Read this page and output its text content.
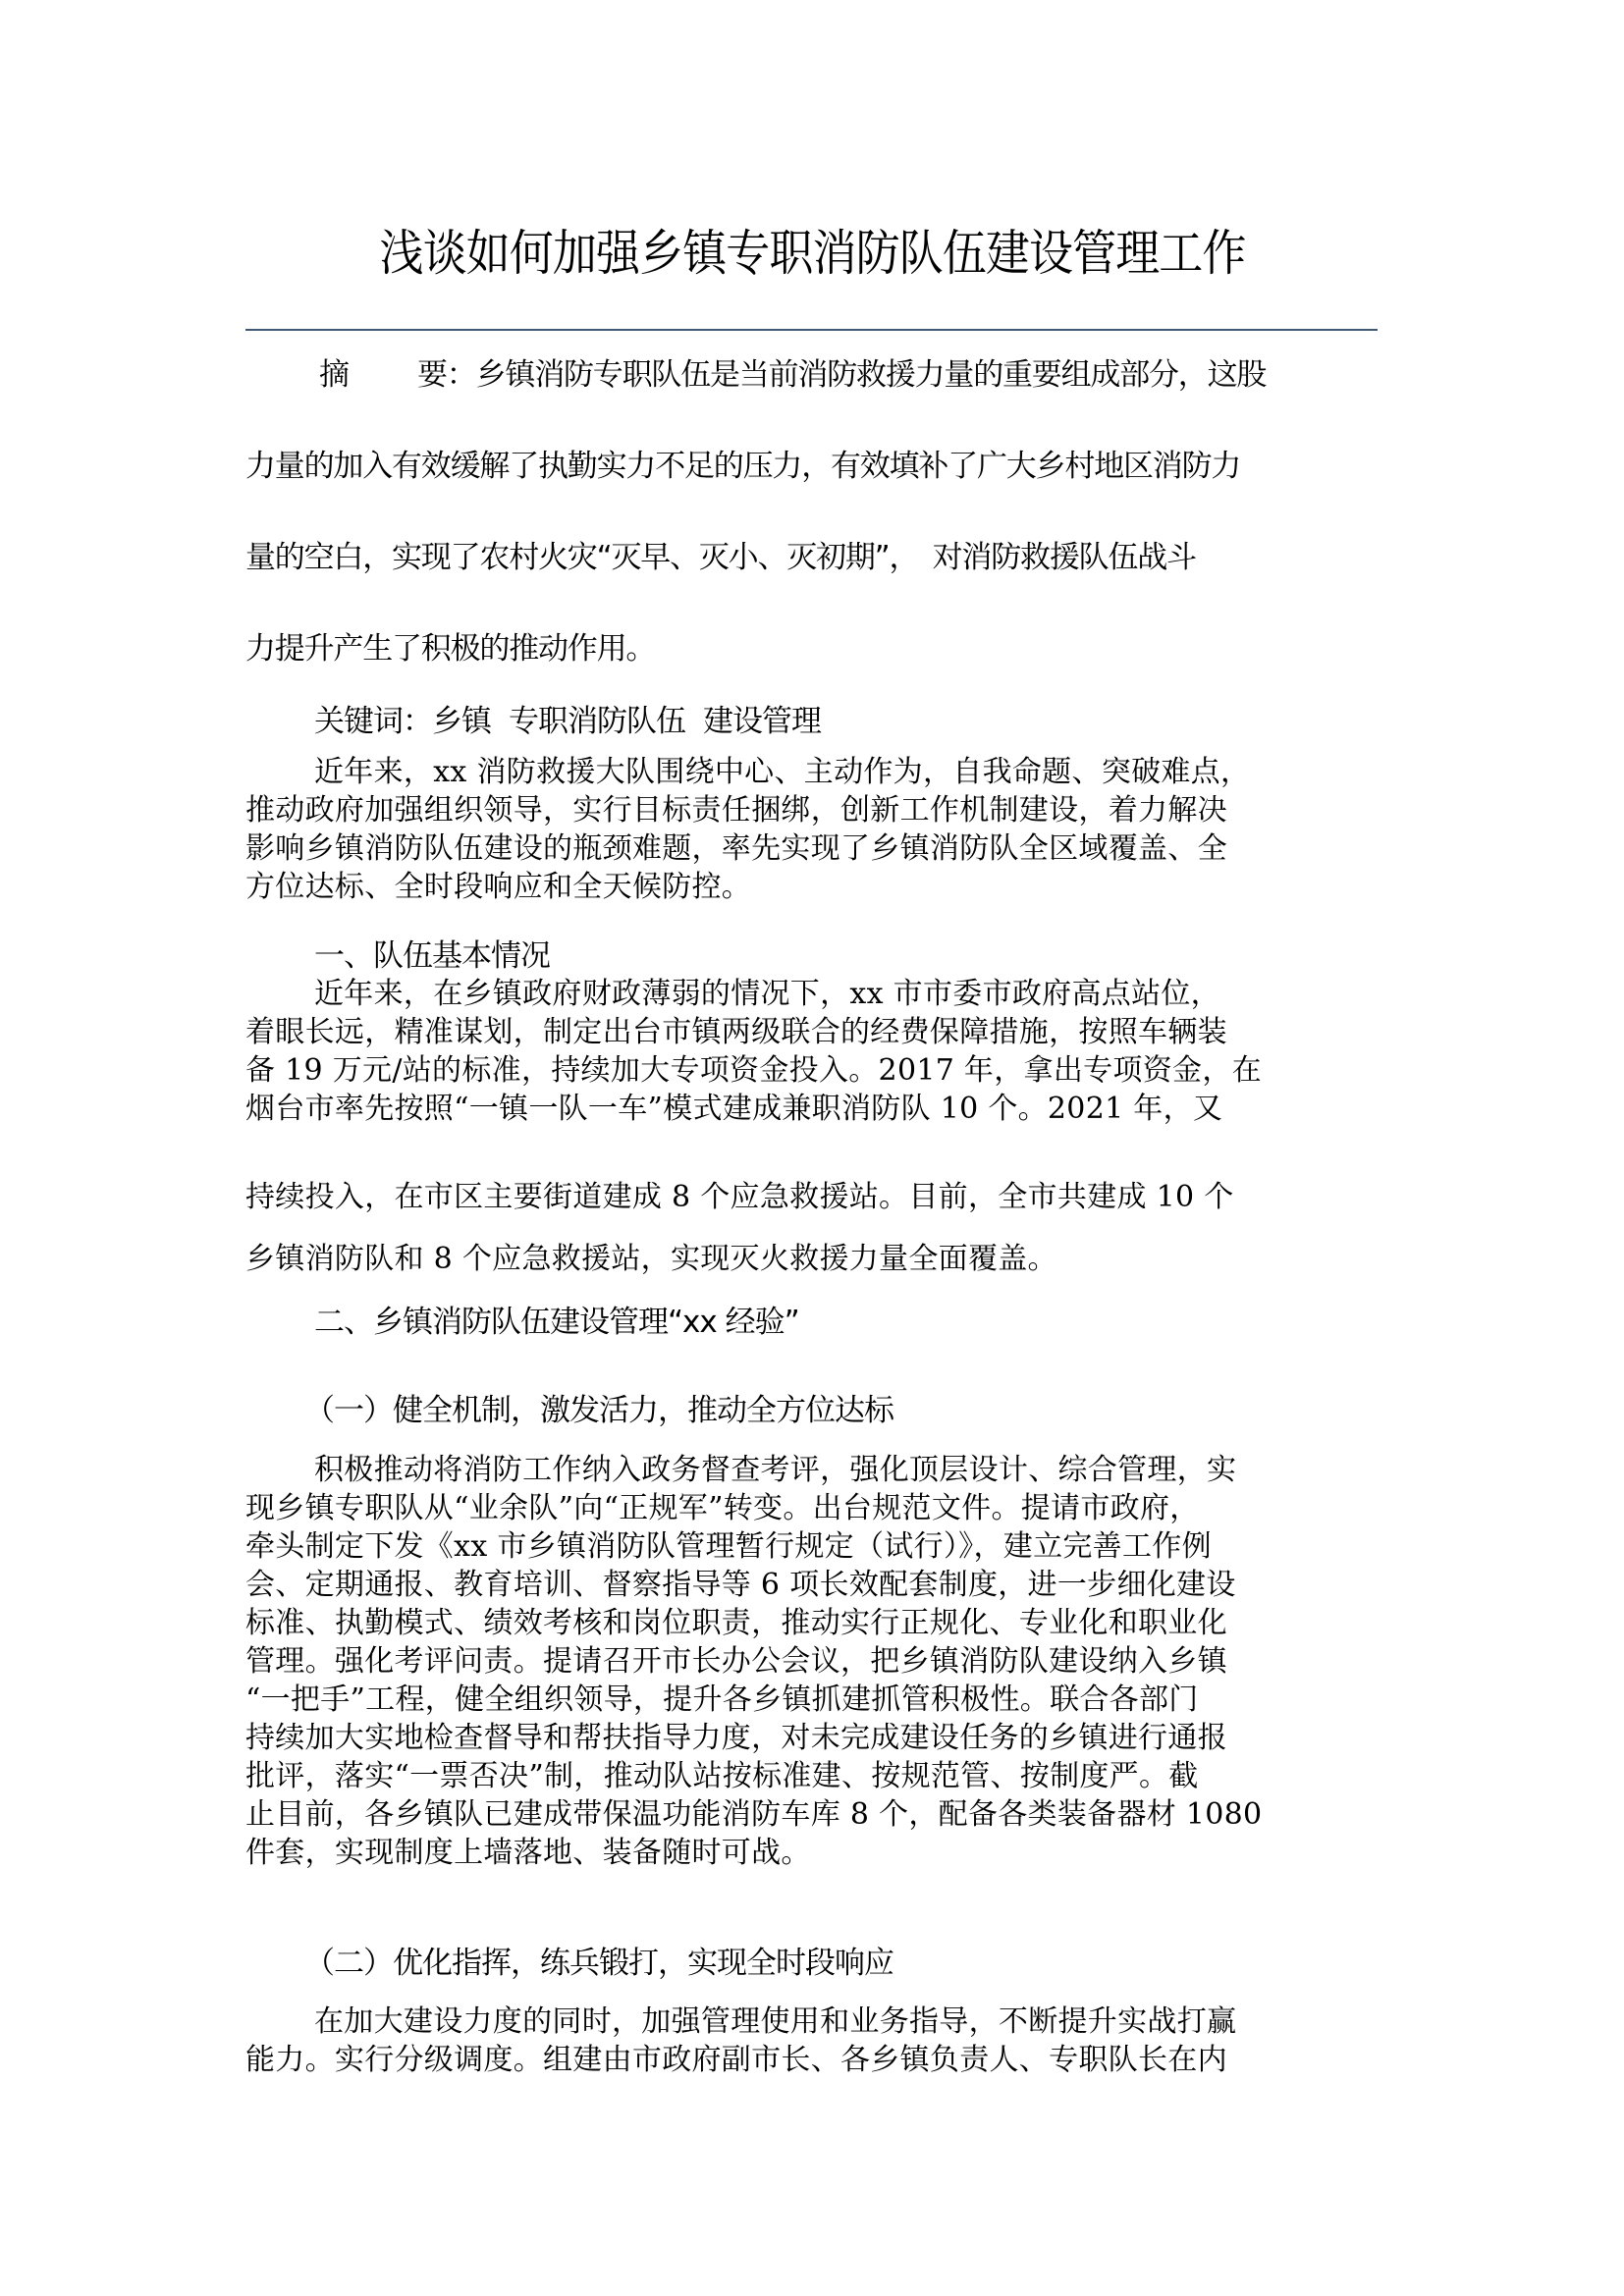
浅谈如何加强乡镇专职消防队伍建设管理工作
摘 要：乡镇消防专职队伍是当前消防救援力量的重要组成部分，这股
力量的加入有效缓解了执勤实力不足的压力，有效填补了广大乡村地区消防力
量的空白，实现了农村火灾“灭早、灭小、灭初期”，　对消防救援队伍战斗
力提升产生了积极的推动作用。
关键词：乡镇 专职消防队伍 建设管理
近年来，xx 消防救援大队围绕中心、主动作为，自我命题、突破难点，
推动政府加强组织领导，实行目标责任捆绑，创新工作机制建设，着力解决
影响乡镇消防队伍建设的瓶颈难题，率先实现了乡镇消防队全区域覆盖、全
方位达标、全时段响应和全天候防控。
一、队伍基本情况
近年来，在乡镇政府财政薄弱的情况下，xx 市市委市政府高点站位，
着眼长远，精准谋划，制定出台市镇两级联合的经费保障措施，按照车辆装
备 19 万元/站的标准，持续加大专项资金投入。2017 年，拿出专项资金，在
烟台市率先按照“一镇一队一车”模式建成兼职消防队 10 个。2021 年，又
持续投入，在市区主要街道建成 8 个应急救援站。目前，全市共建成 10 个
乡镇消防队和 8 个应急救援站，实现灭火救援力量全面覆盖。
二、乡镇消防队伍建设管理“xx 经验”
（一）健全机制，激发活力，推动全方位达标
积极推动将消防工作纳入政务督查考评，强化顶层设计、综合管理，实
现乡镇专职队从“业余队”向“正规军”转变。出台规范文件。提请市政府，
牵头制定下发《xx 市乡镇消防队管理暂行规定（试行）》，建立完善工作例
会、定期通报、教育培训、督察指导等 6 项长效配套制度，进一步细化建设
标准、执勤模式、绩效考核和岗位职责，推动实行正规化、专业化和职业化
管理。强化考评问责。提请召开市长办公会议，把乡镇消防队建设纳入乡镇
“一把手”工程，健全组织领导，提升各乡镇抓建抓管积极性。联合各部门
持续加大实地检查督导和帮扶指导力度，对未完成建设任务的乡镇进行通报
批评，落实“一票否决”制，推动队站按标准建、按规范管、按制度严。截
止目前，各乡镇队已建成带保温功能消防车库 8 个，配备各类装备器材 1080
件套，实现制度上墙落地、装备随时可战。
（二）优化指挥，练兵锻打，实现全时段响应
在加大建设力度的同时，加强管理使用和业务指导，不断提升实战打赢
能力。实行分级调度。组建由市政府副市长、各乡镇负责人、专职队长在内
